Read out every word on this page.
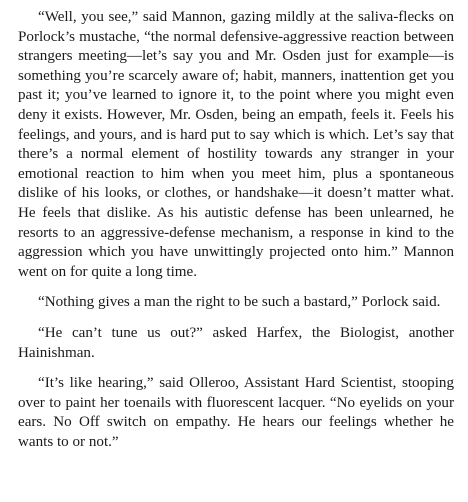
“Well, you see,” said Mannon, gazing mildly at the saliva-flecks on Porlock’s mustache, “the normal defensive-aggressive reaction between strangers meeting—let’s say you and Mr. Osden just for example—is something you’re scarcely aware of; habit, manners, inattention get you past it; you’ve learned to ignore it, to the point where you might even deny it exists. However, Mr. Osden, being an empath, feels it. Feels his feelings, and yours, and is hard put to say which is which. Let’s say that there’s a normal element of hostility towards any stranger in your emotional reaction to him when you meet him, plus a spontaneous dislike of his looks, or clothes, or handshake—it doesn’t matter what. He feels that dislike. As his autistic defense has been unlearned, he resorts to an aggressive-defense mechanism, a response in kind to the aggression which you have unwittingly projected onto him.” Mannon went on for quite a long time.

“Nothing gives a man the right to be such a bastard,” Porlock said.

“He can’t tune us out?” asked Harfex, the Biologist, another Hainishman.

“It’s like hearing,” said Olleroo, Assistant Hard Scientist, stooping over to paint her toenails with fluorescent lacquer. “No eyelids on your ears. No Off switch on empathy. He hears our feelings whether he wants to or not.”
